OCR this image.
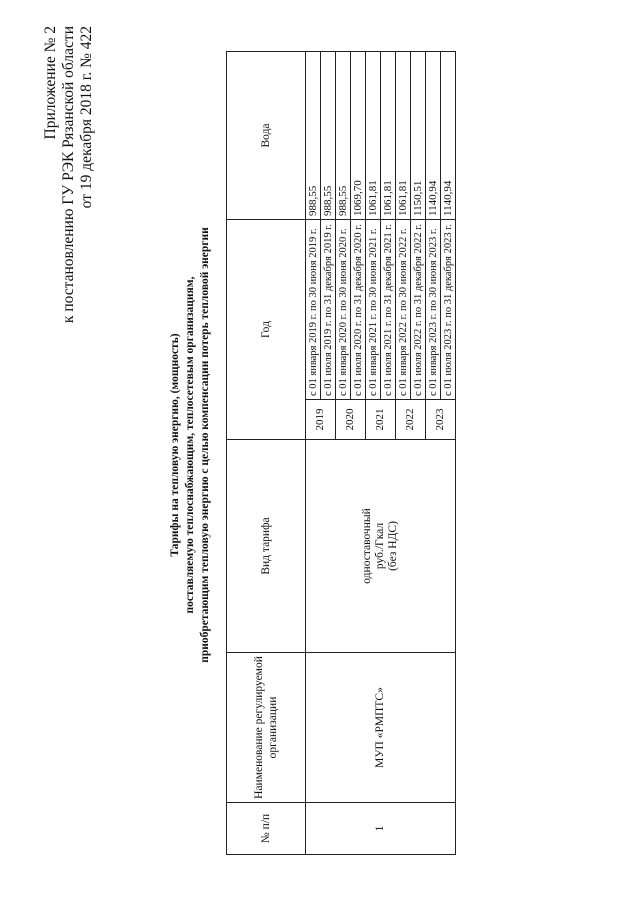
Приложение № 2 к постановлению ГУ РЭК Рязанской области от 19 декабря 2018 г. № 422
Тарифы на тепловую энергию, (мощность) поставляемую теплоснабжающим, теплосетевым организациям, приобретающим тепловую энергию с целью компенсации потерь тепловой энергии
№ п/п	Наименование регулируемой организации	Вид тарифа	Год		Вода
1	МУП «РМПТС»	одноставочный руб./Гкал (без НДС)	2019	с 01 января 2019 г. по 30 июня 2019 г.	988,55
				с 01 июля 2019 г. по 31 декабря 2019 г.	988,55
			2020	с 01 января 2020 г. по 30 июня 2020 г.	988,55
				с 01 июля 2020 г. по 31 декабря 2020 г.	1069,70
			2021	с 01 января 2021 г. по 30 июня 2021 г.	1061,81
				с 01 июля 2021 г. по 31 декабря 2021 г.	1061,81
			2022	с 01 января 2022 г. по 30 июня 2022 г.	1061,81
				с 01 июля 2022 г. по 31 декабря 2022 г.	1150,51
			2023	с 01 января 2023 г. по 30 июня 2023 г.	1140,94
				с 01 июля 2023 г. по 31 декабря 2023 г.	1140,94
